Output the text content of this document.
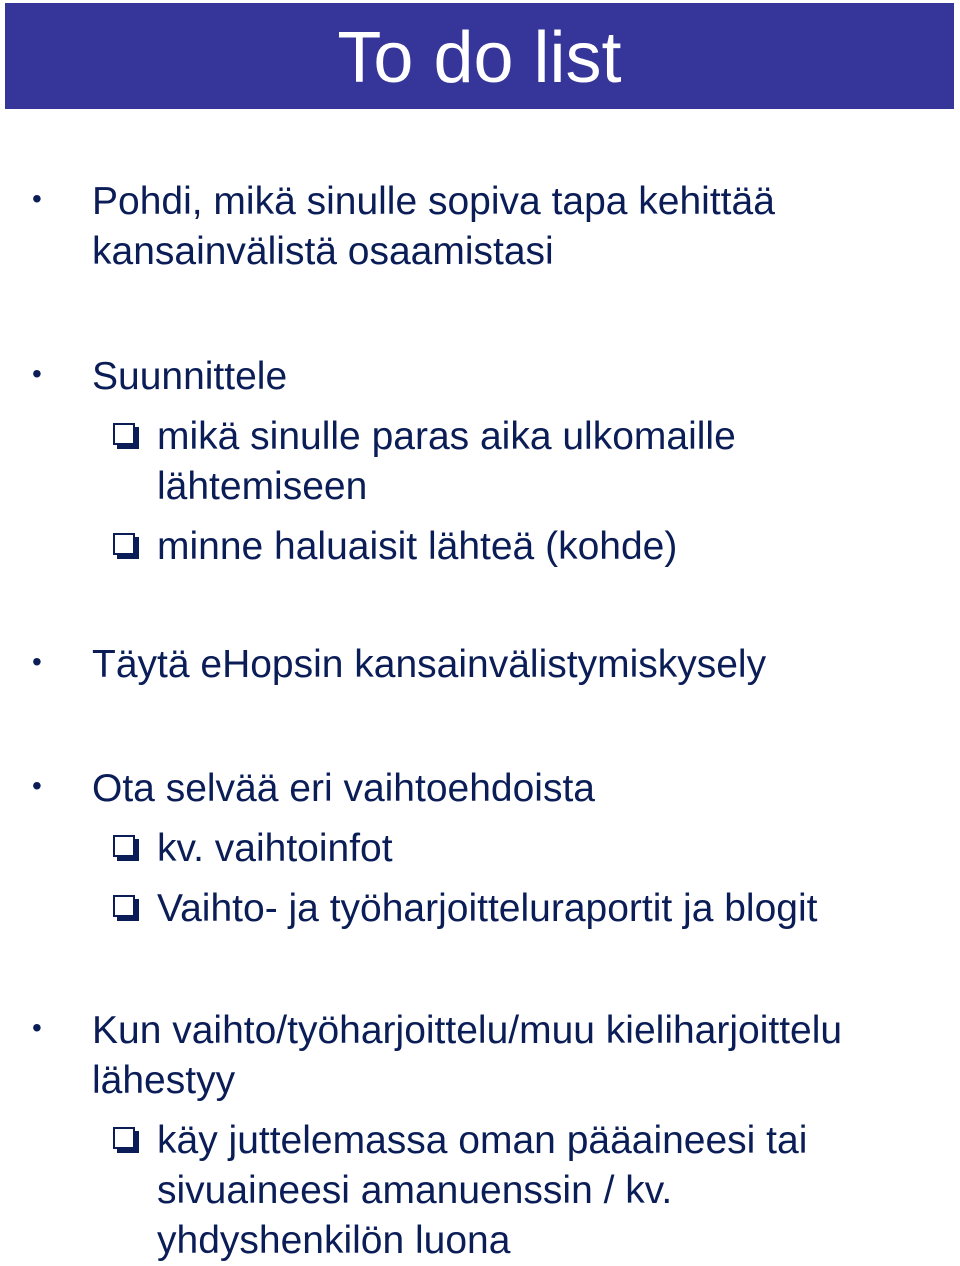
To do list
• Pohdi, mikä sinulle sopiva tapa kehittää
kansainvälistä osaamistasi
• Suunnittele
mikä sinulle paras aika ulkomaille
lähtemiseen
minne haluaisit lähteä (kohde)
• Täytä eHopsin kansainvälistymiskysely
• Ota selvää eri vaihtoehdoista
kv. vaihtoinfot
Vaihto- ja työharjoitteluraportit ja blogit
• Kun vaihto/työharjoittelu/muu kieliharjoittelu
lähestyy
käy juttelemassa oman pääaineesi tai
sivuaineesi amanuenssin / kv.
yhdyshenkilön luona
